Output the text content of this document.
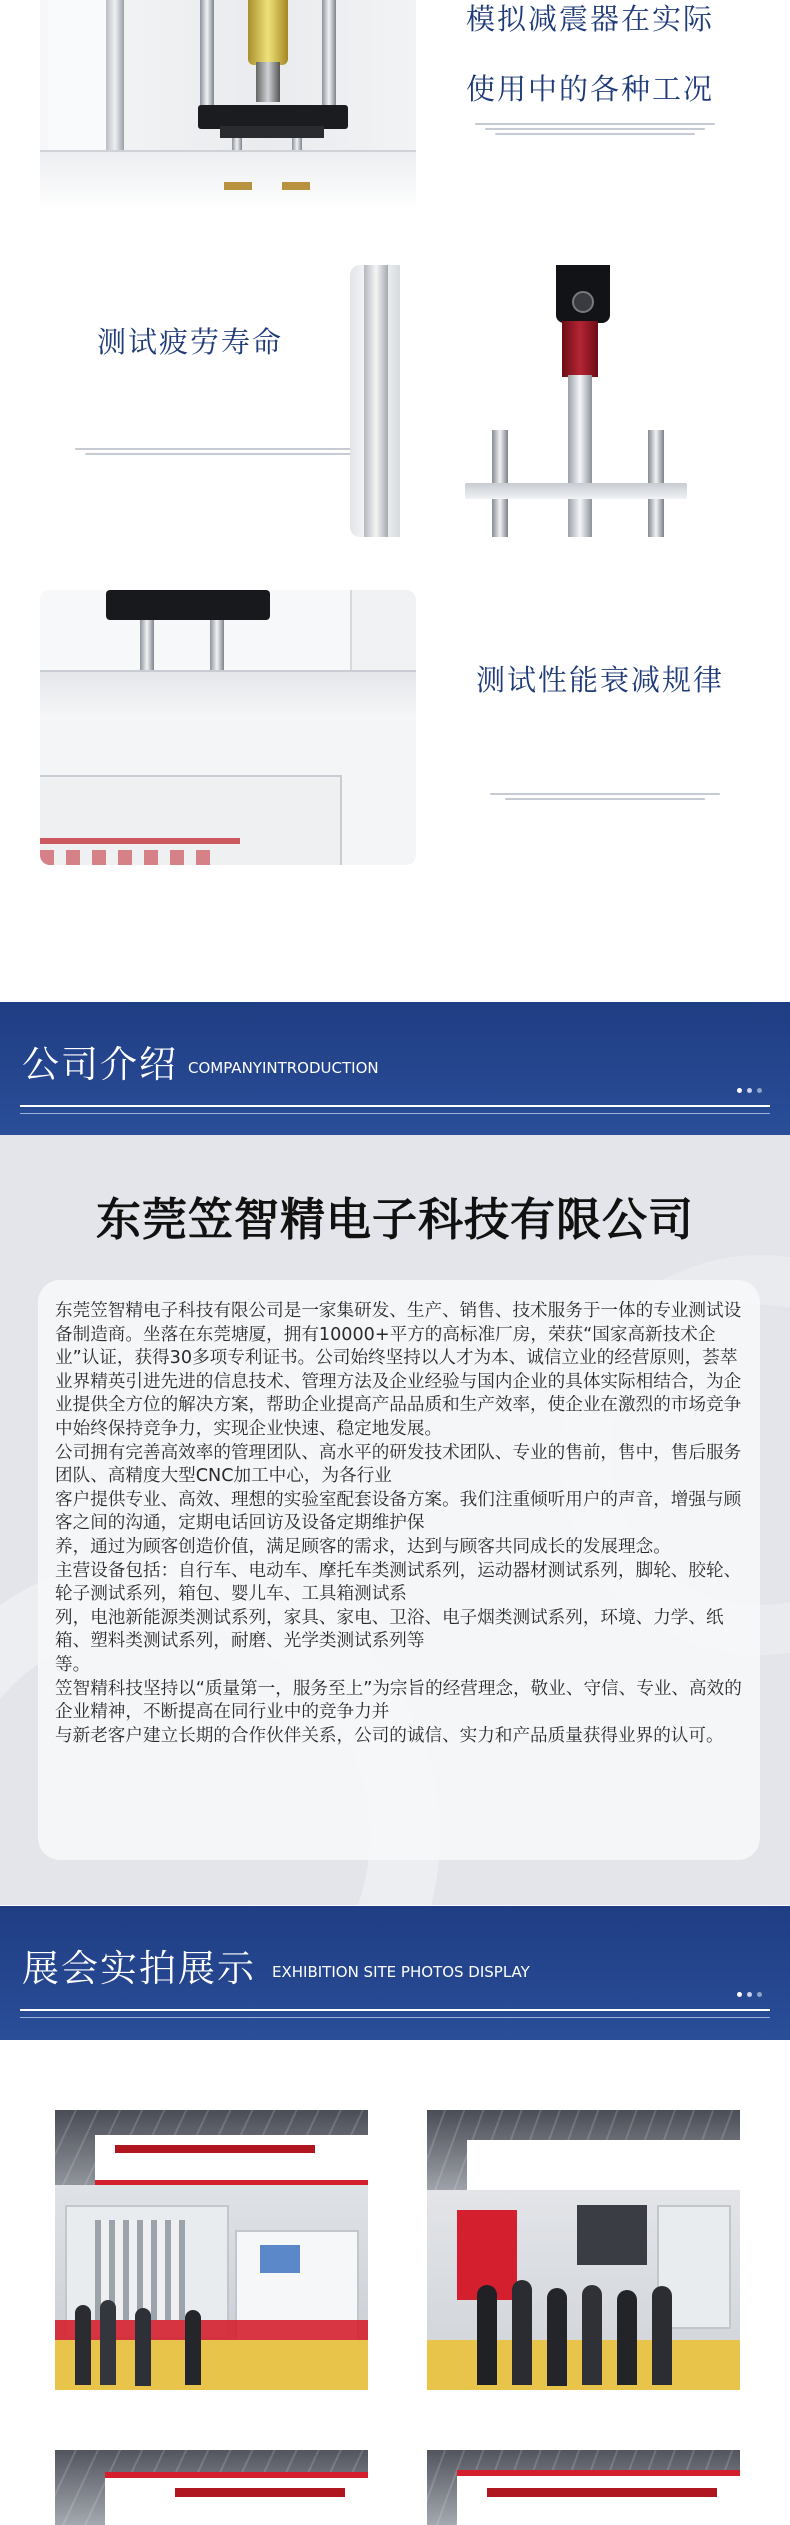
模拟减震器在实际
使用中的各种工况
测试疲劳寿命
测试性能衰减规律
公司介绍 COMPANYINTRODUCTION
东莞笠智精电子科技有限公司
东莞笠智精电子科技有限公司是一家集研发、生产、销售、技术服务于一体的专业测试设备制造商。坐落在东莞塘厦，拥有10000+平方的高标准厂房，荣获“国家高新技术企业”认证，获得30多项专利证书。公司始终坚持以人才为本、诚信立业的经营原则，荟萃业界精英引进先进的信息技术、管理方法及企业经验与国内企业的具体实际相结合，为企业提供全方位的解决方案，帮助企业提高产品品质和生产效率，使企业在激烈的市场竞争中始终保持竞争力，实现企业快速、稳定地发展。
公司拥有完善高效率的管理团队、高水平的研发技术团队、专业的售前，售中，售后服务团队、高精度大型CNC加工中心，为各行业
客户提供专业、高效、理想的实验室配套设备方案。我们注重倾听用户的声音，增强与顾客之间的沟通，定期电话回访及设备定期维护保
养，通过为顾客创造价值，满足顾客的需求，达到与顾客共同成长的发展理念。
主营设备包括：自行车、电动车、摩托车类测试系列，运动器材测试系列，脚轮、胶轮、轮子测试系列，箱包、婴儿车、工具箱测试系
列，电池新能源类测试系列，家具、家电、卫浴、电子烟类测试系列，环境、力学、纸箱、塑料类测试系列，耐磨、光学类测试系列等
等。
笠智精科技坚持以“质量第一，服务至上”为宗旨的经营理念，敬业、守信、专业、高效的企业精神，不断提高在同行业中的竞争力并
与新老客户建立长期的合作伙伴关系，公司的诚信、实力和产品质量获得业界的认可。
展会实拍展示 EXHIBITION SITE PHOTOS DISPLAY
